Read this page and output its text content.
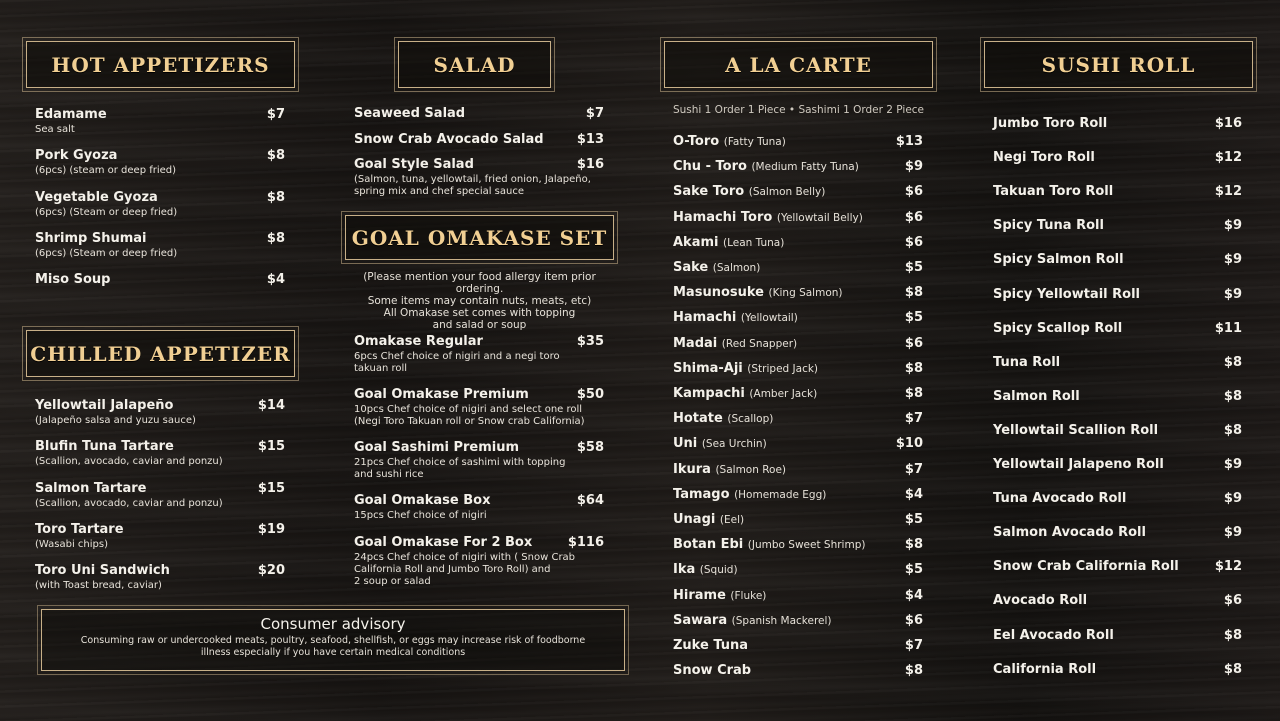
HOT APPETIZERS
CHILLED APPETIZER
SALAD
GOAL OMAKASE SET
A LA CARTE	SUSHI ROLL
Sushi 1 Order 1 Piece • Sashimi 1 Order 2 Piece
(Please mention your food allergy item prior ordering.
Some items may contain nuts, meats, etc)
All Omakase set comes with topping
and salad or soup
Edamame	$7
Sea salt
Pork Gyoza	$8
(6pcs) (steam or deep fried)
Vegetable Gyoza	$8
(6pcs) (Steam or deep fried)
Shrimp Shumai	$8
(6pcs) (Steam or deep fried)
Miso Soup	$4
Yellowtail Jalapeño	$14
(Jalapeño salsa and yuzu sauce)
Blufin Tuna Tartare	$15
(Scallion, avocado, caviar and ponzu)
Salmon Tartare	$15
(Scallion, avocado, caviar and ponzu)
Toro Tartare	$19
(Wasabi chips)
Toro Uni Sandwich	$20
(with Toast bread, caviar)
Seaweed Salad	$7
Snow Crab Avocado Salad	$13
Goal Style Salad	$16
(Salmon, tuna, yellowtail, fried onion, Jalapeño,
spring mix and chef special sauce
Omakase Regular	$35
6pcs Chef choice of nigiri and a negi toro
takuan roll
Goal Omakase Premium	$50
10pcs Chef choice of nigiri and select one roll
(Negi Toro Takuan roll or Snow crab California)
Goal Sashimi Premium	$58
21pcs Chef choice of sashimi with topping
and sushi rice
Goal Omakase Box	$64
15pcs Chef choice of nigiri
Goal Omakase For 2 Box	$116
24pcs Chef choice of nigiri with ( Snow Crab
California Roll and Jumbo Toro Roll) and
2 soup or salad
O-Toro (Fatty Tuna)	$13
Chu - Toro (Medium Fatty Tuna)	$9
Sake Toro (Salmon Belly)	$6
Hamachi Toro (Yellowtail Belly)	$6
Akami (Lean Tuna)	$6
Sake (Salmon)	$5
Masunosuke (King Salmon)	$8
Hamachi (Yellowtail)	$5
Madai (Red Snapper)	$6
Shima-Aji (Striped Jack)	$8
Kampachi (Amber Jack)	$8
Hotate (Scallop)	$7
Uni (Sea Urchin)	$10
Ikura (Salmon Roe)	$7
Tamago (Homemade Egg)	$4
Unagi (Eel)	$5
Botan Ebi (Jumbo Sweet Shrimp)	$8
Ika (Squid)	$5
Hirame (Fluke)	$4
Sawara (Spanish Mackerel)	$6
Zuke Tuna	$7
Snow Crab	$8
Jumbo Toro Roll	$16
Negi Toro Roll	$12
Takuan Toro Roll	$12
Spicy Tuna Roll	$9
Spicy Salmon Roll	$9
Spicy Yellowtail Roll	$9
Spicy Scallop Roll	$11
Tuna Roll	$8
Salmon Roll	$8
Yellowtail Scallion Roll	$8
Yellowtail Jalapeno Roll	$9
Tuna Avocado Roll	$9
Salmon Avocado Roll	$9
Snow Crab California Roll	$12
Avocado Roll	$6
Eel Avocado Roll	$8
California Roll	$8
Consumer advisory
Consuming raw or undercooked meats, poultry, seafood, shellfish, or eggs may increase risk of foodborne
illness especially if you have certain medical conditions
